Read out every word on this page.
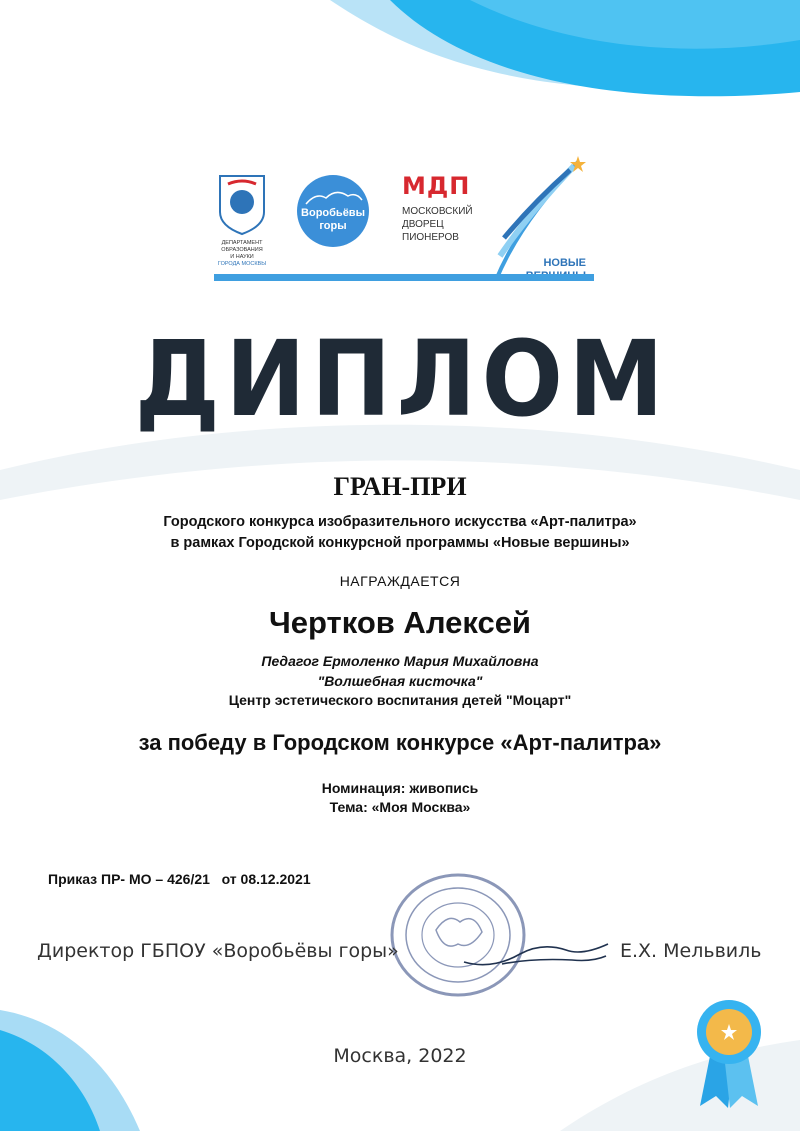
ДЕПАРТАМЕНТ
ОБРАЗОВАНИЯ
И НАУКИ
ГОРОДА МОСКВЫ
Воробьёвы
горы
МДП
МОСКОВСКИЙ
ДВОРЕЦ
ПИОНЕРОВ
НОВЫЕ
ДИПЛОМ
ГРАН-ПРИ
Городского конкурса изобразительного искусства «Арт-палитра»
в рамках Городской конкурсной программы «Новые вершины»
НАГРАЖДАЕТСЯ
Чертков Алексей
Педагог Ермоленко Мария Михайловна
"Волшебная кисточка"
Центр эстетического воспитания детей "Моцарт"
за победу в Городском конкурсе «Арт-палитра»
Номинация: живопись
Тема: «Моя Москва»
Приказ ПР- МО – 426/21   от 08.12.2021
Директор ГБПОУ «Воробьёвы горы»	Е.Х. Мельвиль
Москва, 2022
